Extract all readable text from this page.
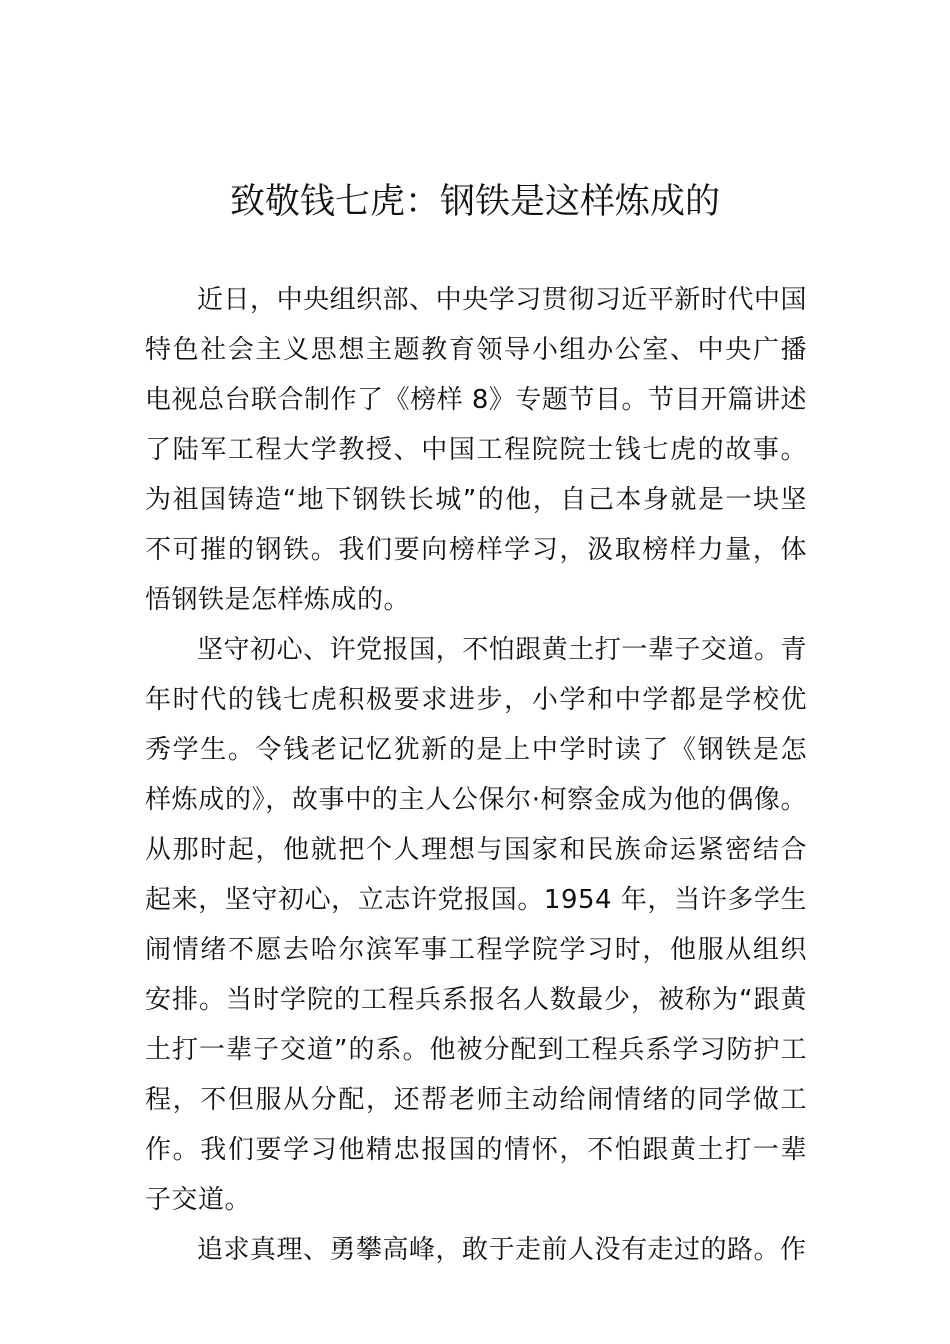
致敬钱七虎：钢铁是这样炼成的

近日，中央组织部、中央学习贯彻习近平新时代中国特色社会主义思想主题教育领导小组办公室、中央广播电视总台联合制作了《榜样 8》专题节目。节目开篇讲述了陆军工程大学教授、中国工程院院士钱七虎的故事。为祖国铸造“地下钢铁长城”的他，自己本身就是一块坚不可摧的钢铁。我们要向榜样学习，汲取榜样力量，体悟钢铁是怎样炼成的。

坚守初心、许党报国，不怕跟黄土打一辈子交道。青年时代的钱七虎积极要求进步，小学和中学都是学校优秀学生。令钱老记忆犹新的是上中学时读了《钢铁是怎样炼成的》，故事中的主人公保尔·柯察金成为他的偶像。从那时起，他就把个人理想与国家和民族命运紧密结合起来，坚守初心，立志许党报国。1954 年，当许多学生闹情绪不愿去哈尔滨军事工程学院学习时，他服从组织安排。当时学院的工程兵系报名人数最少，被称为“跟黄土打一辈子交道”的系。他被分配到工程兵系学习防护工程，不但服从分配，还帮老师主动给闹情绪的同学做工作。我们要学习他精忠报国的情怀，不怕跟黄土打一辈子交道。

追求真理、勇攀高峰，敢于走前人没有走过的路。作
